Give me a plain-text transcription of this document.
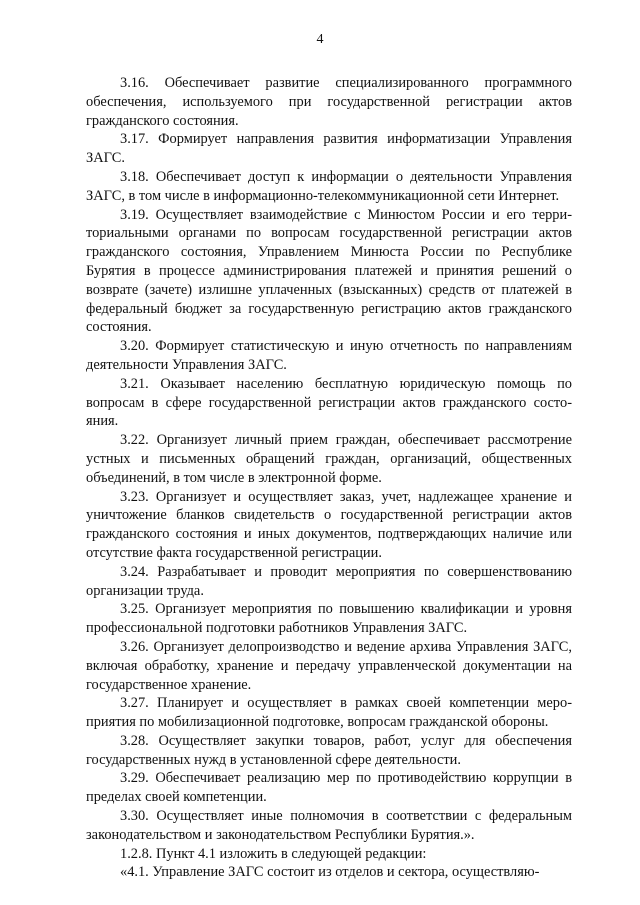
4

3.16. Обеспечивает развитие специализированного программного обеспечения, используемого при государственной регистрации актов гражданского состояния.

3.17. Формирует направления развития информатизации Управления ЗАГС.

3.18. Обеспечивает доступ к информации о деятельности Управления ЗАГС, в том числе в информационно-телекоммуникационной сети Интернет.

3.19. Осуществляет взаимодействие с Минюстом России и его территориальными органами по вопросам государственной регистрации актов гражданского состояния, Управлением Минюста России по Республике Бурятия в процессе администрирования платежей и принятия решений о возврате (зачете) излишне уплаченных (взысканных) средств от платежей в федеральный бюджет за государственную регистрацию актов гражданского состояния.

3.20. Формирует статистическую и иную отчетность по направлениям деятельности Управления ЗАГС.

3.21. Оказывает населению бесплатную юридическую помощь по вопросам в сфере государственной регистрации актов гражданского состояния.

3.22. Организует личный прием граждан, обеспечивает рассмотрение устных и письменных обращений граждан, организаций, общественных объединений, в том числе в электронной форме.

3.23. Организует и осуществляет заказ, учет, надлежащее хранение и уничтожение бланков свидетельств о государственной регистрации актов гражданского состояния и иных документов, подтверждающих наличие или отсутствие факта государственной регистрации.

3.24. Разрабатывает и проводит мероприятия по совершенствованию организации труда.

3.25. Организует мероприятия по повышению квалификации и уровня профессиональной подготовки работников Управления ЗАГС.

3.26. Организует делопроизводство и ведение архива Управления ЗАГС, включая обработку, хранение и передачу управленческой документации на государственное хранение.

3.27. Планирует и осуществляет в рамках своей компетенции мероприятия по мобилизационной подготовке, вопросам гражданской обороны.

3.28. Осуществляет закупки товаров, работ, услуг для обеспечения государственных нужд в установленной сфере деятельности.

3.29. Обеспечивает реализацию мер по противодействию коррупции в пределах своей компетенции.

3.30. Осуществляет иные полномочия в соответствии с федеральным законодательством и законодательством Республики Бурятия.».

1.2.8. Пункт 4.1 изложить в следующей редакции:

«4.1. Управление ЗАГС состоит из отделов и сектора, осуществляю-
